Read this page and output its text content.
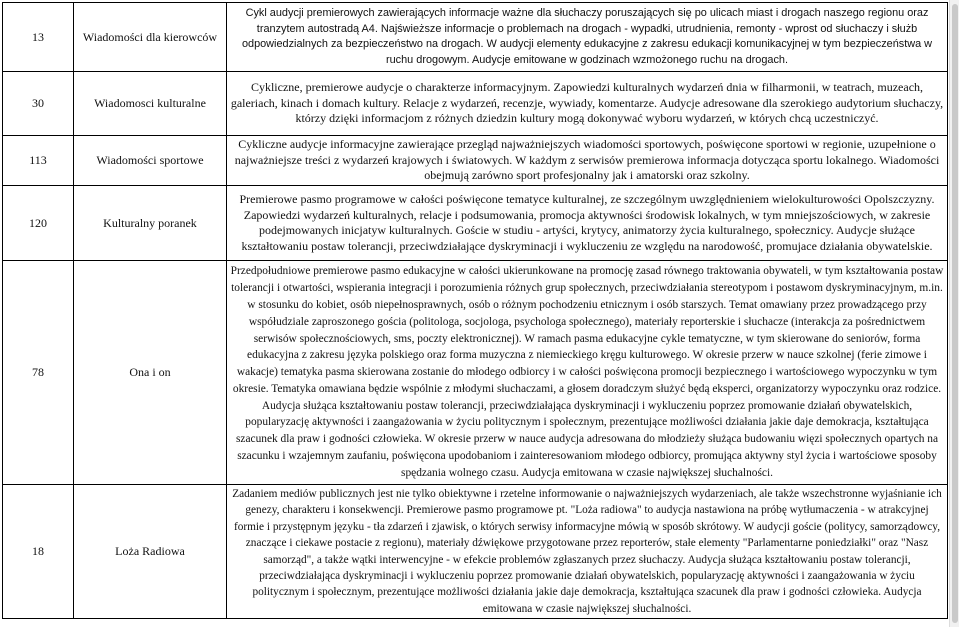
13	Wiadomości dla kierowców	Cykl audycji premierowych zawierających informacje ważne dla słuchaczy poruszających się po ulicach miast i drogach naszego regionu oraz tranzytem autostradą A4. Najświeższe informacje o problemach na drogach - wypadki, utrudnienia, remonty - wprost od słuchaczy i służb odpowiedzialnych za bezpieczeństwo na drogach. W audycji elementy edukacyjne z zakresu edukacji komunikacyjnej w tym bezpieczeństwa w ruchu drogowym. Audycje emitowane w godzinach wzmożonego ruchu na drogach.
30	Wiadomosci kulturalne	Cykliczne, premierowe audycje o charakterze informacyjnym. Zapowiedzi kulturalnych wydarzeń dnia w filharmonii, w teatrach, muzeach, galeriach, kinach i domach kultury. Relacje z wydarzeń, recenzje, wywiady, komentarze. Audycje adresowane dla szerokiego audytorium słuchaczy, którzy dzięki informacjom z różnych dziedzin kultury mogą dokonywać wyboru wydarzeń, w których chcą uczestniczyć.
113	Wiadomości sportowe	Cykliczne audycje informacyjne zawierające przegląd najważniejszych wiadomości sportowych, poświęcone sportowi w regionie, uzupełnione o najważniejsze treści z wydarzeń krajowych i światowych. W każdym z serwisów premierowa informacja dotycząca sportu lokalnego. Wiadomości obejmują zarówno sport profesjonalny jak i amatorski oraz szkolny.
120	Kulturalny poranek	Premierowe pasmo programowe w całości poświęcone tematyce kulturalnej, ze szczególnym uwzględnieniem wielokulturowości Opolszczyzny. Zapowiedzi wydarzeń kulturalnych, relacje i podsumowania, promocja aktywności środowisk lokalnych, w tym mniejszościowych, w zakresie podejmowanych inicjatyw kulturalnych. Goście w studiu - artyści, krytycy, animatorzy życia kulturalnego, społecznicy. Audycje służące kształtowaniu postaw tolerancji, przeciwdziałające dyskryminacji i wykluczeniu ze względu na narodowość, promujace działania obywatelskie.
78	Ona i on	Przedpołudniowe premierowe pasmo edukacyjne w całości ukierunkowane na promocję zasad równego traktowania obywateli, w tym kształtowania postaw tolerancji i otwartości, wspierania integracji i porozumienia różnych grup społecznych, przeciwdziałania stereotypom i postawom dyskryminacyjnym, m.in. w stosunku do kobiet, osób niepełnosprawnych, osób o różnym pochodzeniu etnicznym i osób starszych. Temat omawiany przez prowadzącego przy współudziale zaproszonego gościa (politologa, socjologa, psychologa społecznego), materiały reporterskie i słuchacze (interakcja za pośrednictwem serwisów społecznościowych, sms, poczty elektronicznej). W ramach pasma edukacyjne cykle tematyczne, w tym skierowane do seniorów, forma edukacyjna z zakresu języka polskiego oraz forma muzyczna z niemieckiego kręgu kulturowego. W okresie przerw w nauce szkolnej (ferie zimowe i wakacje) tematyka pasma skierowana zostanie do młodego odbiorcy i w całości poświęcona promocji bezpiecznego i wartościowego wypoczynku w tym okresie. Tematyka omawiana będzie wspólnie z młodymi słuchaczami, a głosem doradczym służyć będą eksperci, organizatorzy wypoczynku oraz rodzice. Audycja służąca kształtowaniu postaw tolerancji, przeciwdziałająca dyskryminacji i wykluczeniu poprzez promowanie działań obywatelskich, popularyzację aktywności i zaangażowania w życiu politycznym i społecznym, prezentujące możliwości działania jakie daje demokracja, kształtująca szacunek dla praw i godności człowieka. W okresie przerw w nauce audycja adresowana do młodzieży służąca budowaniu więzi społecznych opartych na szacunku i wzajemnym zaufaniu, poświęcona upodobaniom i zainteresowaniom młodego odbiorcy, promująca aktywny styl życia i wartościowe sposoby spędzania wolnego czasu. Audycja emitowana w czasie największej słuchalności.
18	Loża Radiowa	Zadaniem mediów publicznych jest nie tylko obiektywne i rzetelne informowanie o najważniejszych wydarzeniach, ale także wszechstronne wyjaśnianie ich genezy, charakteru i konsekwencji. Premierowe pasmo programowe pt. "Loża radiowa" to audycja nastawiona na próbę wytłumaczenia - w atrakcyjnej formie i przystępnym języku - tła zdarzeń i zjawisk, o których serwisy informacyjne mówią w sposób skrótowy. W audycji goście (politycy, samorządowcy, znaczące i ciekawe postacie z regionu), materiały dźwiękowe przygotowane przez reporterów, stałe elementy "Parlamentarne poniedziałki" oraz "Nasz samorząd", a także wątki interwencyjne - w efekcie problemów zgłaszanych przez słuchaczy. Audycja służąca kształtowaniu postaw tolerancji, przeciwdziałająca dyskryminacji i wykluczeniu poprzez promowanie działań obywatelskich, popularyzację aktywności i zaangażowania w życiu politycznym i społecznym, prezentujące możliwości działania jakie daje demokracja, kształtująca szacunek dla praw i godności człowieka. Audycja emitowana w czasie największej słuchalności.
